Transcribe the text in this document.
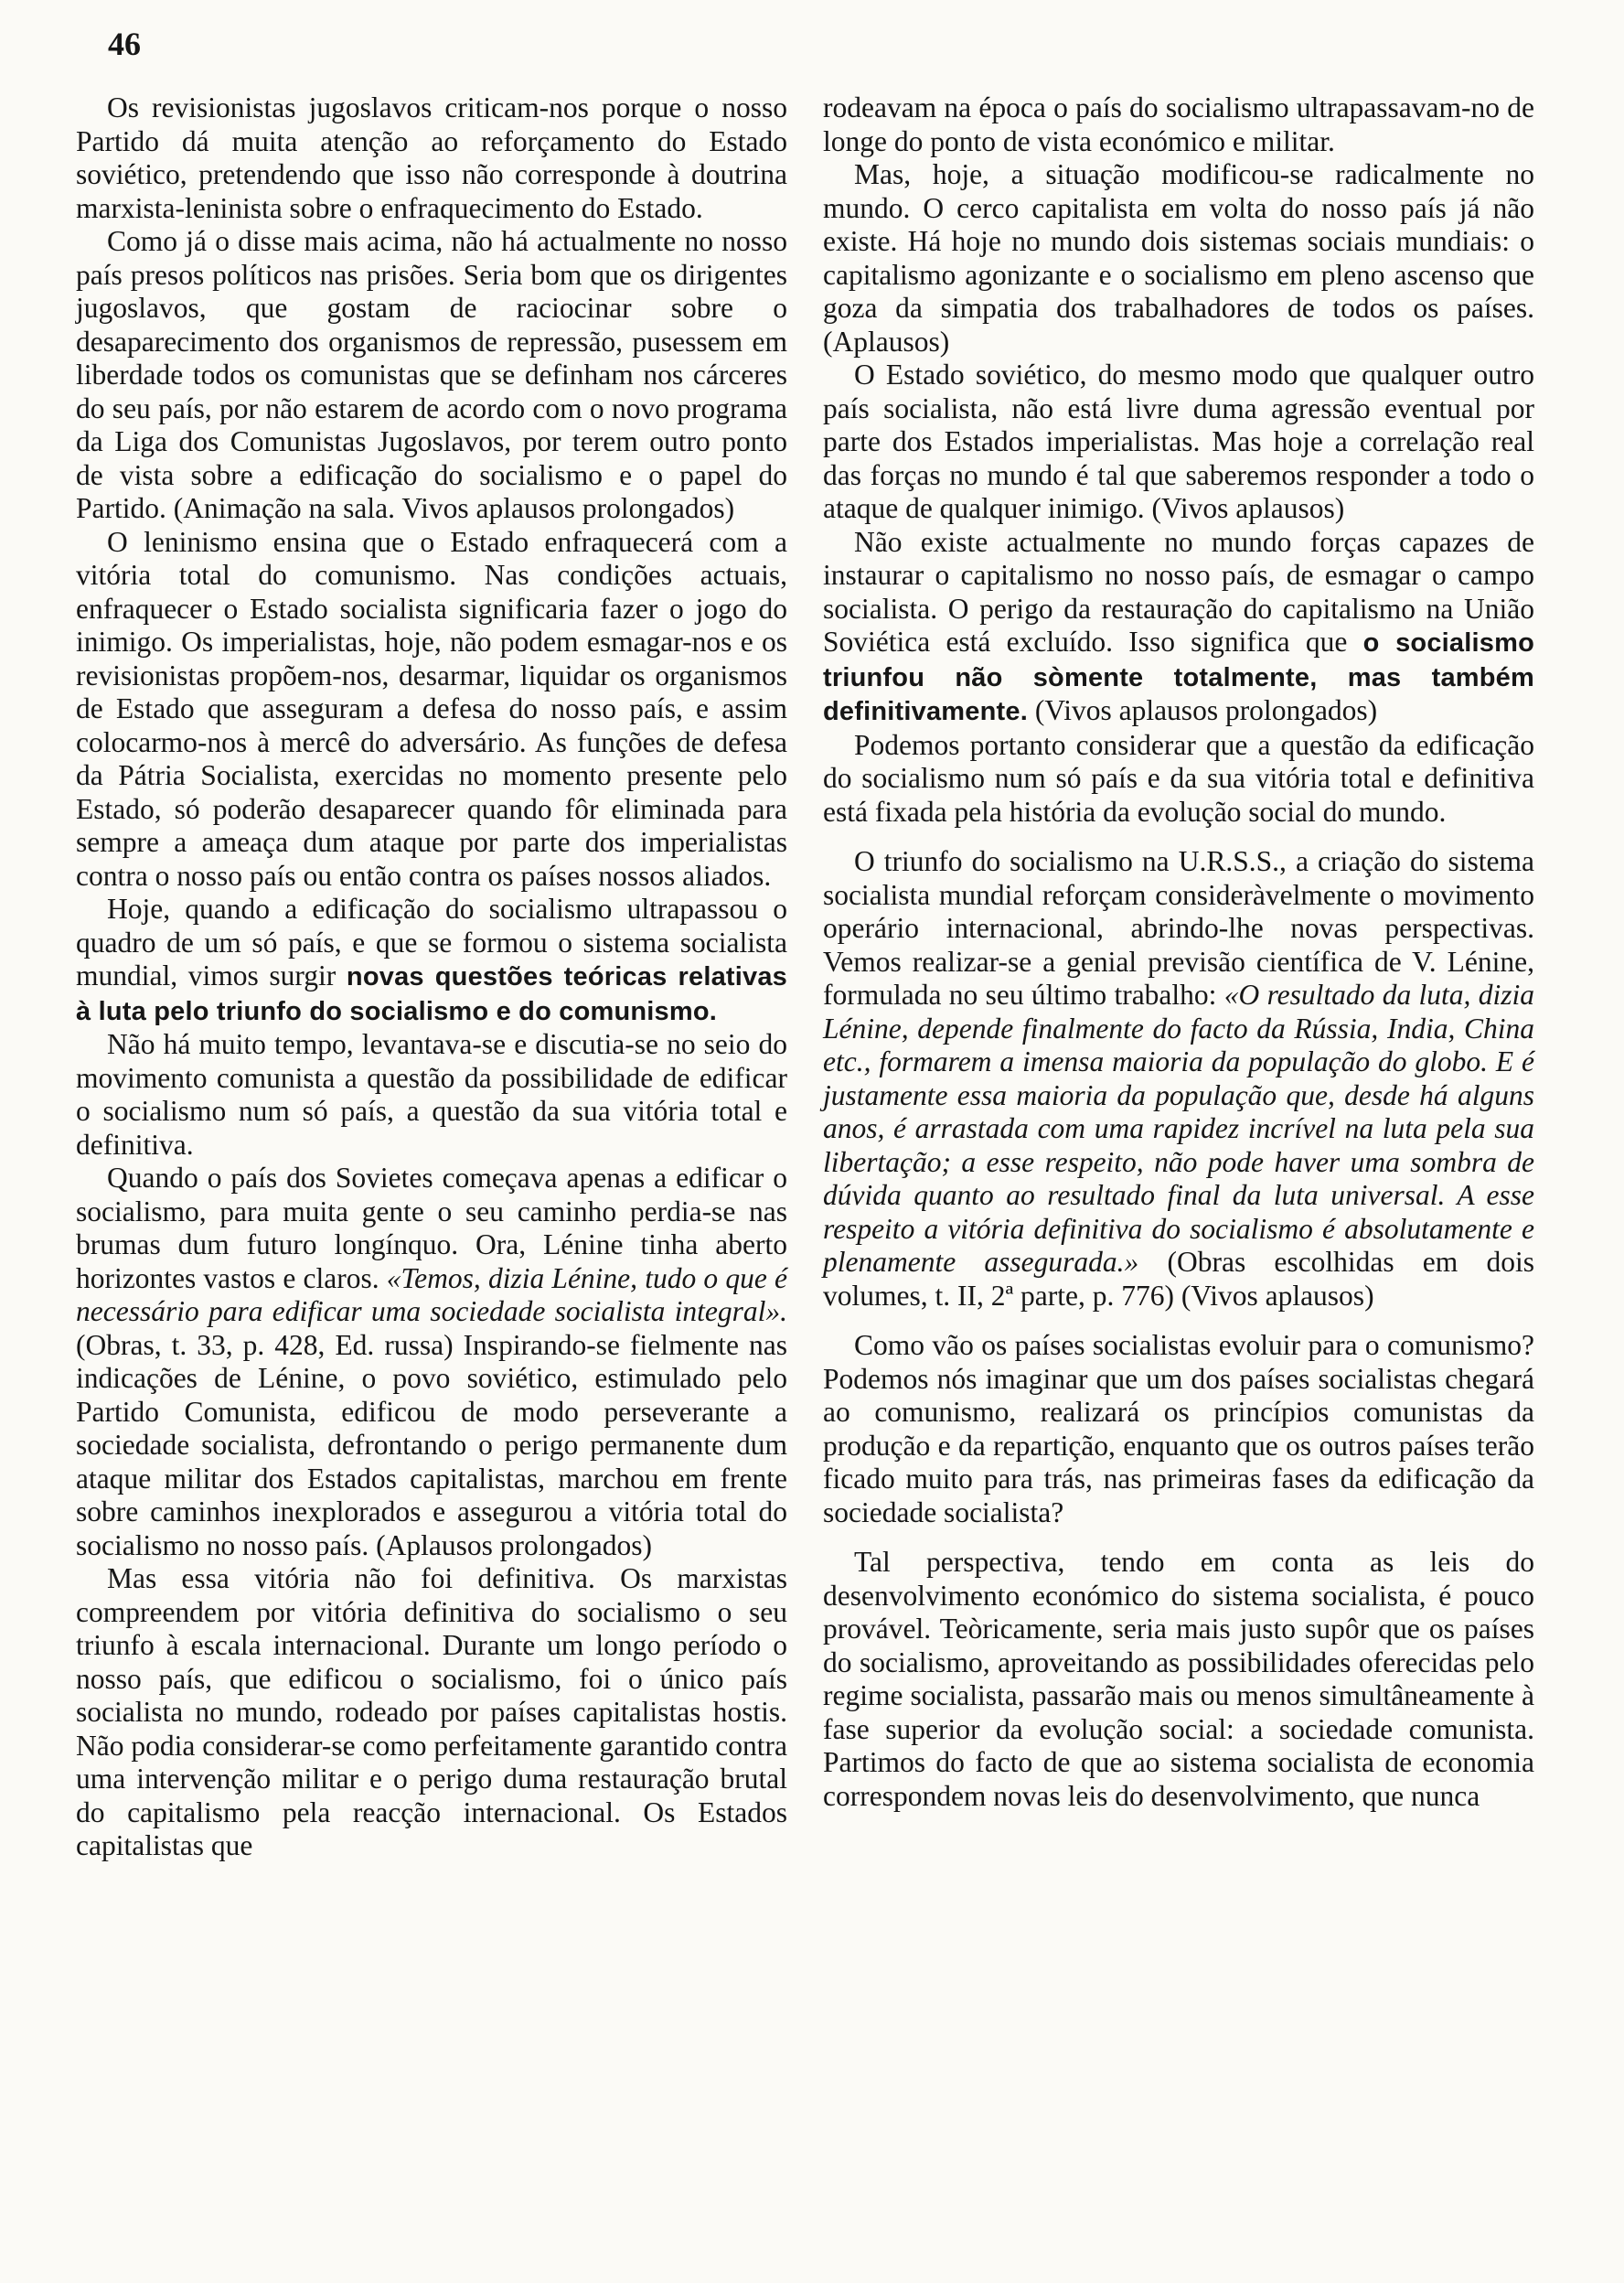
46

Os revisionistas jugoslavos criticam-nos porque o nosso Partido dá muita atenção ao reforçamento do Estado soviético, pretendendo que isso não corresponde à doutrina marxista-leninista sobre o enfraquecimento do Estado.

Como já o disse mais acima, não há actualmente no nosso país presos políticos nas prisões. Seria bom que os dirigentes jugoslavos, que gostam de raciocinar sobre o desaparecimento dos organismos de repressão, pusessem em liberdade todos os comunistas que se definham nos cárceres do seu país, por não estarem de acordo com o novo programa da Liga dos Comunistas Jugoslavos, por terem outro ponto de vista sobre a edificação do socialismo e o papel do Partido. (Animação na sala. Vivos aplausos prolongados)

O leninismo ensina que o Estado enfraquecerá com a vitória total do comunismo. Nas condições actuais, enfraquecer o Estado socialista significaria fazer o jogo do inimigo. Os imperialistas, hoje, não podem esmagar-nos e os revisionistas propõem-nos, desarmar, liquidar os organismos de Estado que asseguram a defesa do nosso país, e assim colocarmo-nos à mercê do adversário. As funções de defesa da Pátria Socialista, exercidas no momento presente pelo Estado, só poderão desaparecer quando fôr eliminada para sempre a ameaça dum ataque por parte dos imperialistas contra o nosso país ou então contra os países nossos aliados.

Hoje, quando a edificação do socialismo ultrapassou o quadro de um só país, e que se formou o sistema socialista mundial, vimos surgir novas questões teóricas relativas à luta pelo triunfo do socialismo e do comunismo.

Não há muito tempo, levantava-se e discutia-se no seio do movimento comunista a questão da possibilidade de edificar o socialismo num só país, a questão da sua vitória total e definitiva.

Quando o país dos Sovietes começava apenas a edificar o socialismo, para muita gente o seu caminho perdia-se nas brumas dum futuro longínquo. Ora, Lénine tinha aberto horizontes vastos e claros. «Temos, dizia Lénine, tudo o que é necessário para edificar uma sociedade socialista integral». (Obras, t. 33, p. 428, Ed. russa) Inspirando-se fielmente nas indicações de Lénine, o povo soviético, estimulado pelo Partido Comunista, edificou de modo perseverante a sociedade socialista, defrontando o perigo permanente dum ataque militar dos Estados capitalistas, marchou em frente sobre caminhos inexplorados e assegurou a vitória total do socialismo no nosso país. (Aplausos prolongados)

Mas essa vitória não foi definitiva. Os marxistas compreendem por vitória definitiva do socialismo o seu triunfo à escala internacional. Durante um longo período o nosso país, que edificou o socialismo, foi o único país socialista no mundo, rodeado por países capitalistas hostis. Não podia considerar-se como perfeitamente garantido contra uma intervenção militar e o perigo duma restauração brutal do capitalismo pela reacção internacional. Os Estados capitalistas que

rodeavam na época o país do socialismo ultrapassavam-no de longe do ponto de vista económico e militar.

Mas, hoje, a situação modificou-se radicalmente no mundo. O cerco capitalista em volta do nosso país já não existe. Há hoje no mundo dois sistemas sociais mundiais: o capitalismo agonizante e o socialismo em pleno ascenso que goza da simpatia dos trabalhadores de todos os países. (Aplausos)

O Estado soviético, do mesmo modo que qualquer outro país socialista, não está livre duma agressão eventual por parte dos Estados imperialistas. Mas hoje a correlação real das forças no mundo é tal que saberemos responder a todo o ataque de qualquer inimigo. (Vivos aplausos)

Não existe actualmente no mundo forças capazes de instaurar o capitalismo no nosso país, de esmagar o campo socialista. O perigo da restauração do capitalismo na União Soviética está excluído. Isso significa que o socialismo triunfou não sòmente totalmente, mas também definitivamente. (Vivos aplausos prolongados)

Podemos portanto considerar que a questão da edificação do socialismo num só país e da sua vitória total e definitiva está fixada pela história da evolução social do mundo.

O triunfo do socialismo na U.R.S.S., a criação do sistema socialista mundial reforçam consideràvelmente o movimento operário internacional, abrindo-lhe novas perspectivas. Vemos realizar-se a genial previsão científica de V. Lénine, formulada no seu último trabalho: «O resultado da luta, dizia Lénine, depende finalmente do facto da Rússia, India, China etc., formarem a imensa maioria da população do globo. E é justamente essa maioria da população que, desde há alguns anos, é arrastada com uma rapidez incrível na luta pela sua libertação; a esse respeito, não pode haver uma sombra de dúvida quanto ao resultado final da luta universal. A esse respeito a vitória definitiva do socialismo é absolutamente e plenamente assegurada.» (Obras escolhidas em dois volumes, t. II, 2ª parte, p. 776) (Vivos aplausos)

Como vão os países socialistas evoluir para o comunismo? Podemos nós imaginar que um dos países socialistas chegará ao comunismo, realizará os princípios comunistas da produção e da repartição, enquanto que os outros países terão ficado muito para trás, nas primeiras fases da edificação da sociedade socialista?

Tal perspectiva, tendo em conta as leis do desenvolvimento económico do sistema socialista, é pouco provável. Teòricamente, seria mais justo supôr que os países do socialismo, aproveitando as possibilidades oferecidas pelo regime socialista, passarão mais ou menos simultâneamente à fase superior da evolução social: a sociedade comunista. Partimos do facto de que ao sistema socialista de economia correspondem novas leis do desenvolvimento, que nunca
